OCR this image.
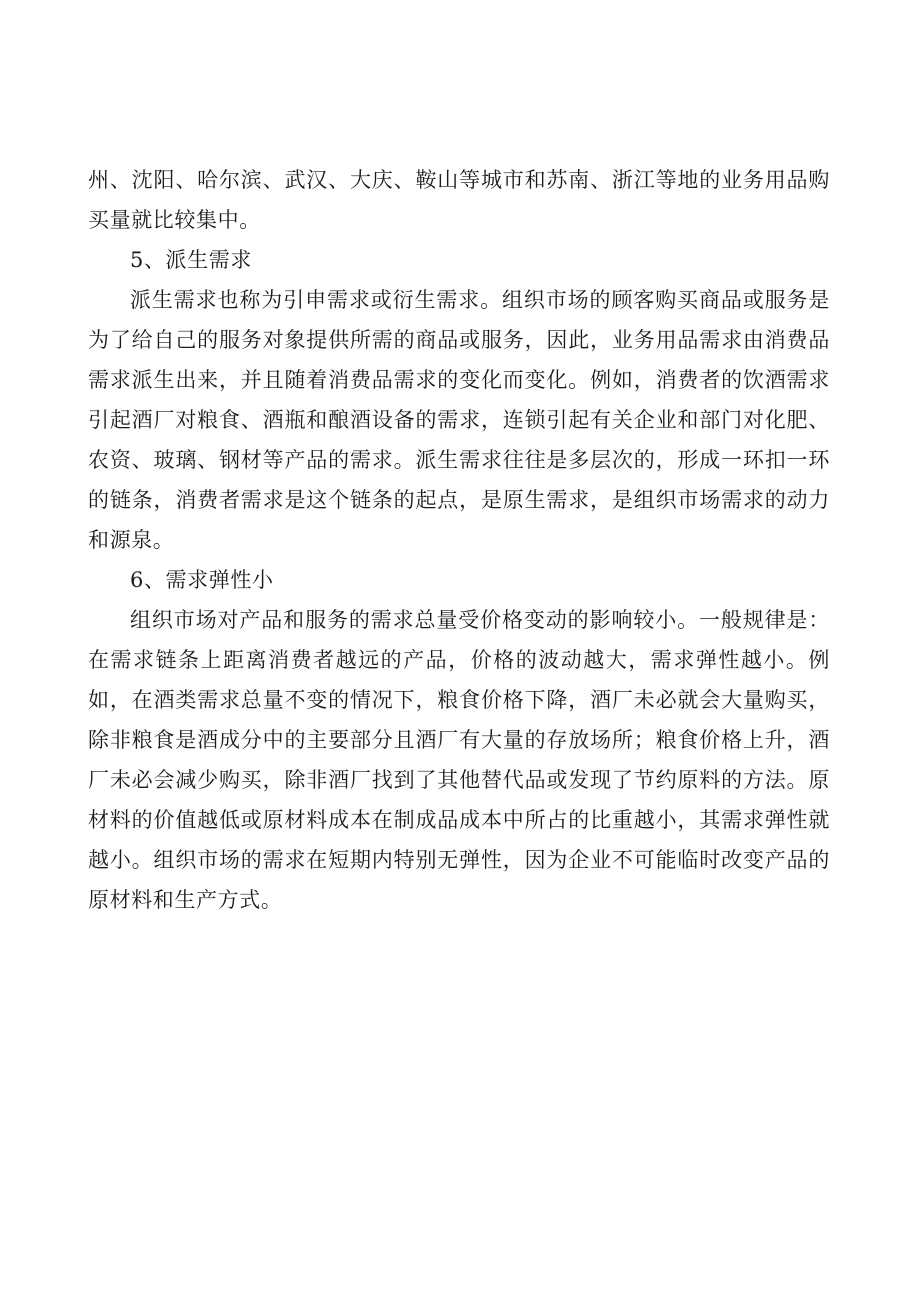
州、沈阳、哈尔滨、武汉、大庆、鞍山等城市和苏南、浙江等地的业务用品购买量就比较集中。

5、派生需求

派生需求也称为引申需求或衍生需求。组织市场的顾客购买商品或服务是为了给自己的服务对象提供所需的商品或服务，因此，业务用品需求由消费品需求派生出来，并且随着消费品需求的变化而变化。例如，消费者的饮酒需求引起酒厂对粮食、酒瓶和酿酒设备的需求，连锁引起有关企业和部门对化肥、农资、玻璃、钢材等产品的需求。派生需求往往是多层次的，形成一环扣一环的链条，消费者需求是这个链条的起点，是原生需求，是组织市场需求的动力和源泉。

6、需求弹性小

组织市场对产品和服务的需求总量受价格变动的影响较小。一般规律是：在需求链条上距离消费者越远的产品，价格的波动越大，需求弹性越小。例如，在酒类需求总量不变的情况下，粮食价格下降，酒厂未必就会大量购买，除非粮食是酒成分中的主要部分且酒厂有大量的存放场所；粮食价格上升，酒厂未必会减少购买，除非酒厂找到了其他替代品或发现了节约原料的方法。原材料的价值越低或原材料成本在制成品成本中所占的比重越小，其需求弹性就越小。组织市场的需求在短期内特别无弹性，因为企业不可能临时改变产品的原材料和生产方式。
